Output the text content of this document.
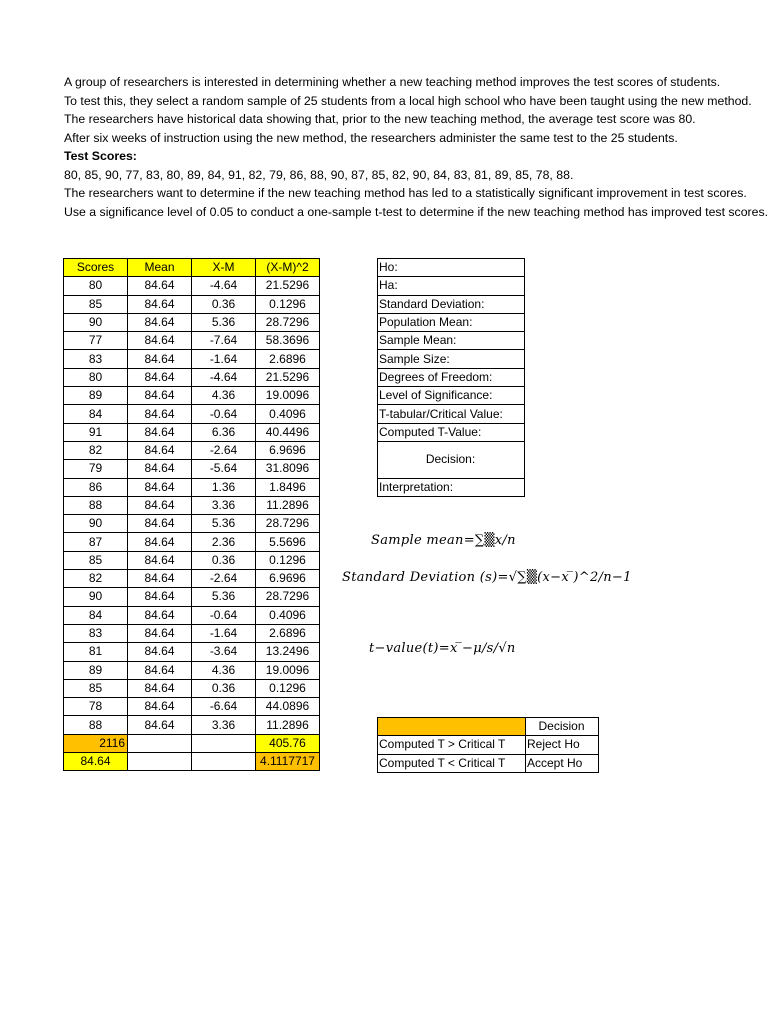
A group of researchers is interested in determining whether a new teaching method improves the test scores of students.
To test this, they select a random sample of 25 students from a local high school who have been taught using the new method.
The researchers have historical data showing that, prior to the new teaching method, the average test score was 80.
After six weeks of instruction using the new method, the researchers administer the same test to the 25 students.
Test Scores:
80, 85, 90, 77, 83, 80, 89, 84, 91, 82, 79, 86, 88, 90, 87, 85, 82, 90, 84, 83, 81, 89, 85, 78, 88.
The researchers want to determine if the new teaching method has led to a statistically significant improvement in test scores.
Use a significance level of 0.05 to conduct a one-sample t-test to determine if the new teaching method has improved test scores.
Scores	Mean	X-M	(X-M)^2
80	84.64	-4.64	21.5296
85	84.64	0.36	0.1296
90	84.64	5.36	28.7296
77	84.64	-7.64	58.3696
83	84.64	-1.64	2.6896
80	84.64	-4.64	21.5296
89	84.64	4.36	19.0096
84	84.64	-0.64	0.4096
91	84.64	6.36	40.4496
82	84.64	-2.64	6.9696
79	84.64	-5.64	31.8096
86	84.64	1.36	1.8496
88	84.64	3.36	11.2896
90	84.64	5.36	28.7296
87	84.64	2.36	5.5696
85	84.64	0.36	0.1296
82	84.64	-2.64	6.9696
90	84.64	5.36	28.7296
84	84.64	-0.64	0.4096
83	84.64	-1.64	2.6896
81	84.64	-3.64	13.2496
89	84.64	4.36	19.0096
85	84.64	0.36	0.1296
78	84.64	-6.64	44.0896
88	84.64	3.36	11.2896
2116			405.76
84.64			4.1117717
Ho:
Ha:
Standard Deviation:
Population Mean:
Sample Mean:
Sample Size:
Degrees of Freedom:
Level of Significance:
T-tabular/Critical Value:
Computed T-Value:
Decision:
Interpretation:
Sample mean=∑▒x/n
Standard Deviation (s)=√∑▒(x−x ̅)^2/n−1
t−value(t)=x ̅−μ/s/√n
	Decision
Computed T > Critical T	Reject Ho
Computed T < Critical T	Accept Ho
